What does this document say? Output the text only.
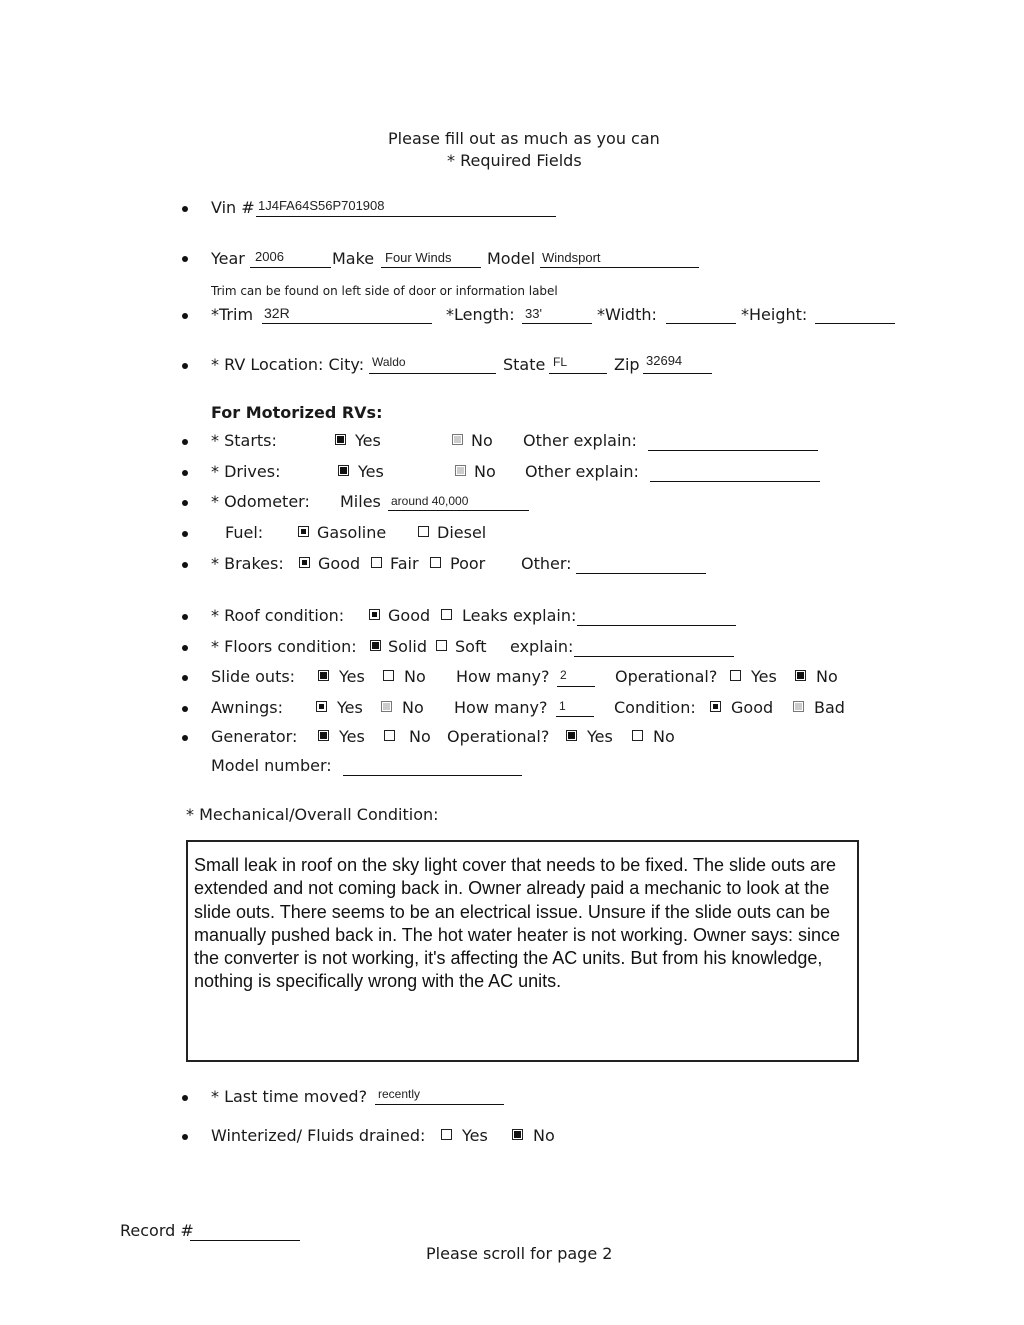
Please fill out as much as you can
* Required Fields
Vin # 1J4FA64S56P701908
Year 2006	Make Four Winds Model Windsport
Trim can be found on left side of door or information label
*Trim 32R	*Length: 33'	*Width:	*Height:
* RV Location: City: Waldo	State FL	Zip 32694
For Motorized RVs:
* Starts:	Yes	No Other explain:
* Drives:	Yes	No Other explain:
* Odometer: Miles around 40,000
Fuel:	Gasoline	Diesel
* Brakes: Good Fair Poor Other:
* Roof condition:	Good Leaks explain:
* Floors condition: Solid Soft explain:
Slide outs:	Yes No How many? 2	Operational? Yes No
Awnings:	Yes No How many? 1	Condition: Good	Bad
Generator:	Yes	No Operational? Yes	No
Model number:
* Mechanical/Overall Condition:
Small leak in roof on the sky light cover that needs to be fixed. The slide outs are extended and not coming back in. Owner already paid a mechanic to look at the slide outs. There seems to be an electrical issue. Unsure if the slide outs can be manually pushed back in. The hot water heater is not working. Owner says: since the converter is not working, it's affecting the AC units. But from his knowledge, nothing is specifically wrong with the AC units.
* Last time moved? recently
Winterized/ Fluids drained: Yes	No
Record #
Please scroll for page 2
